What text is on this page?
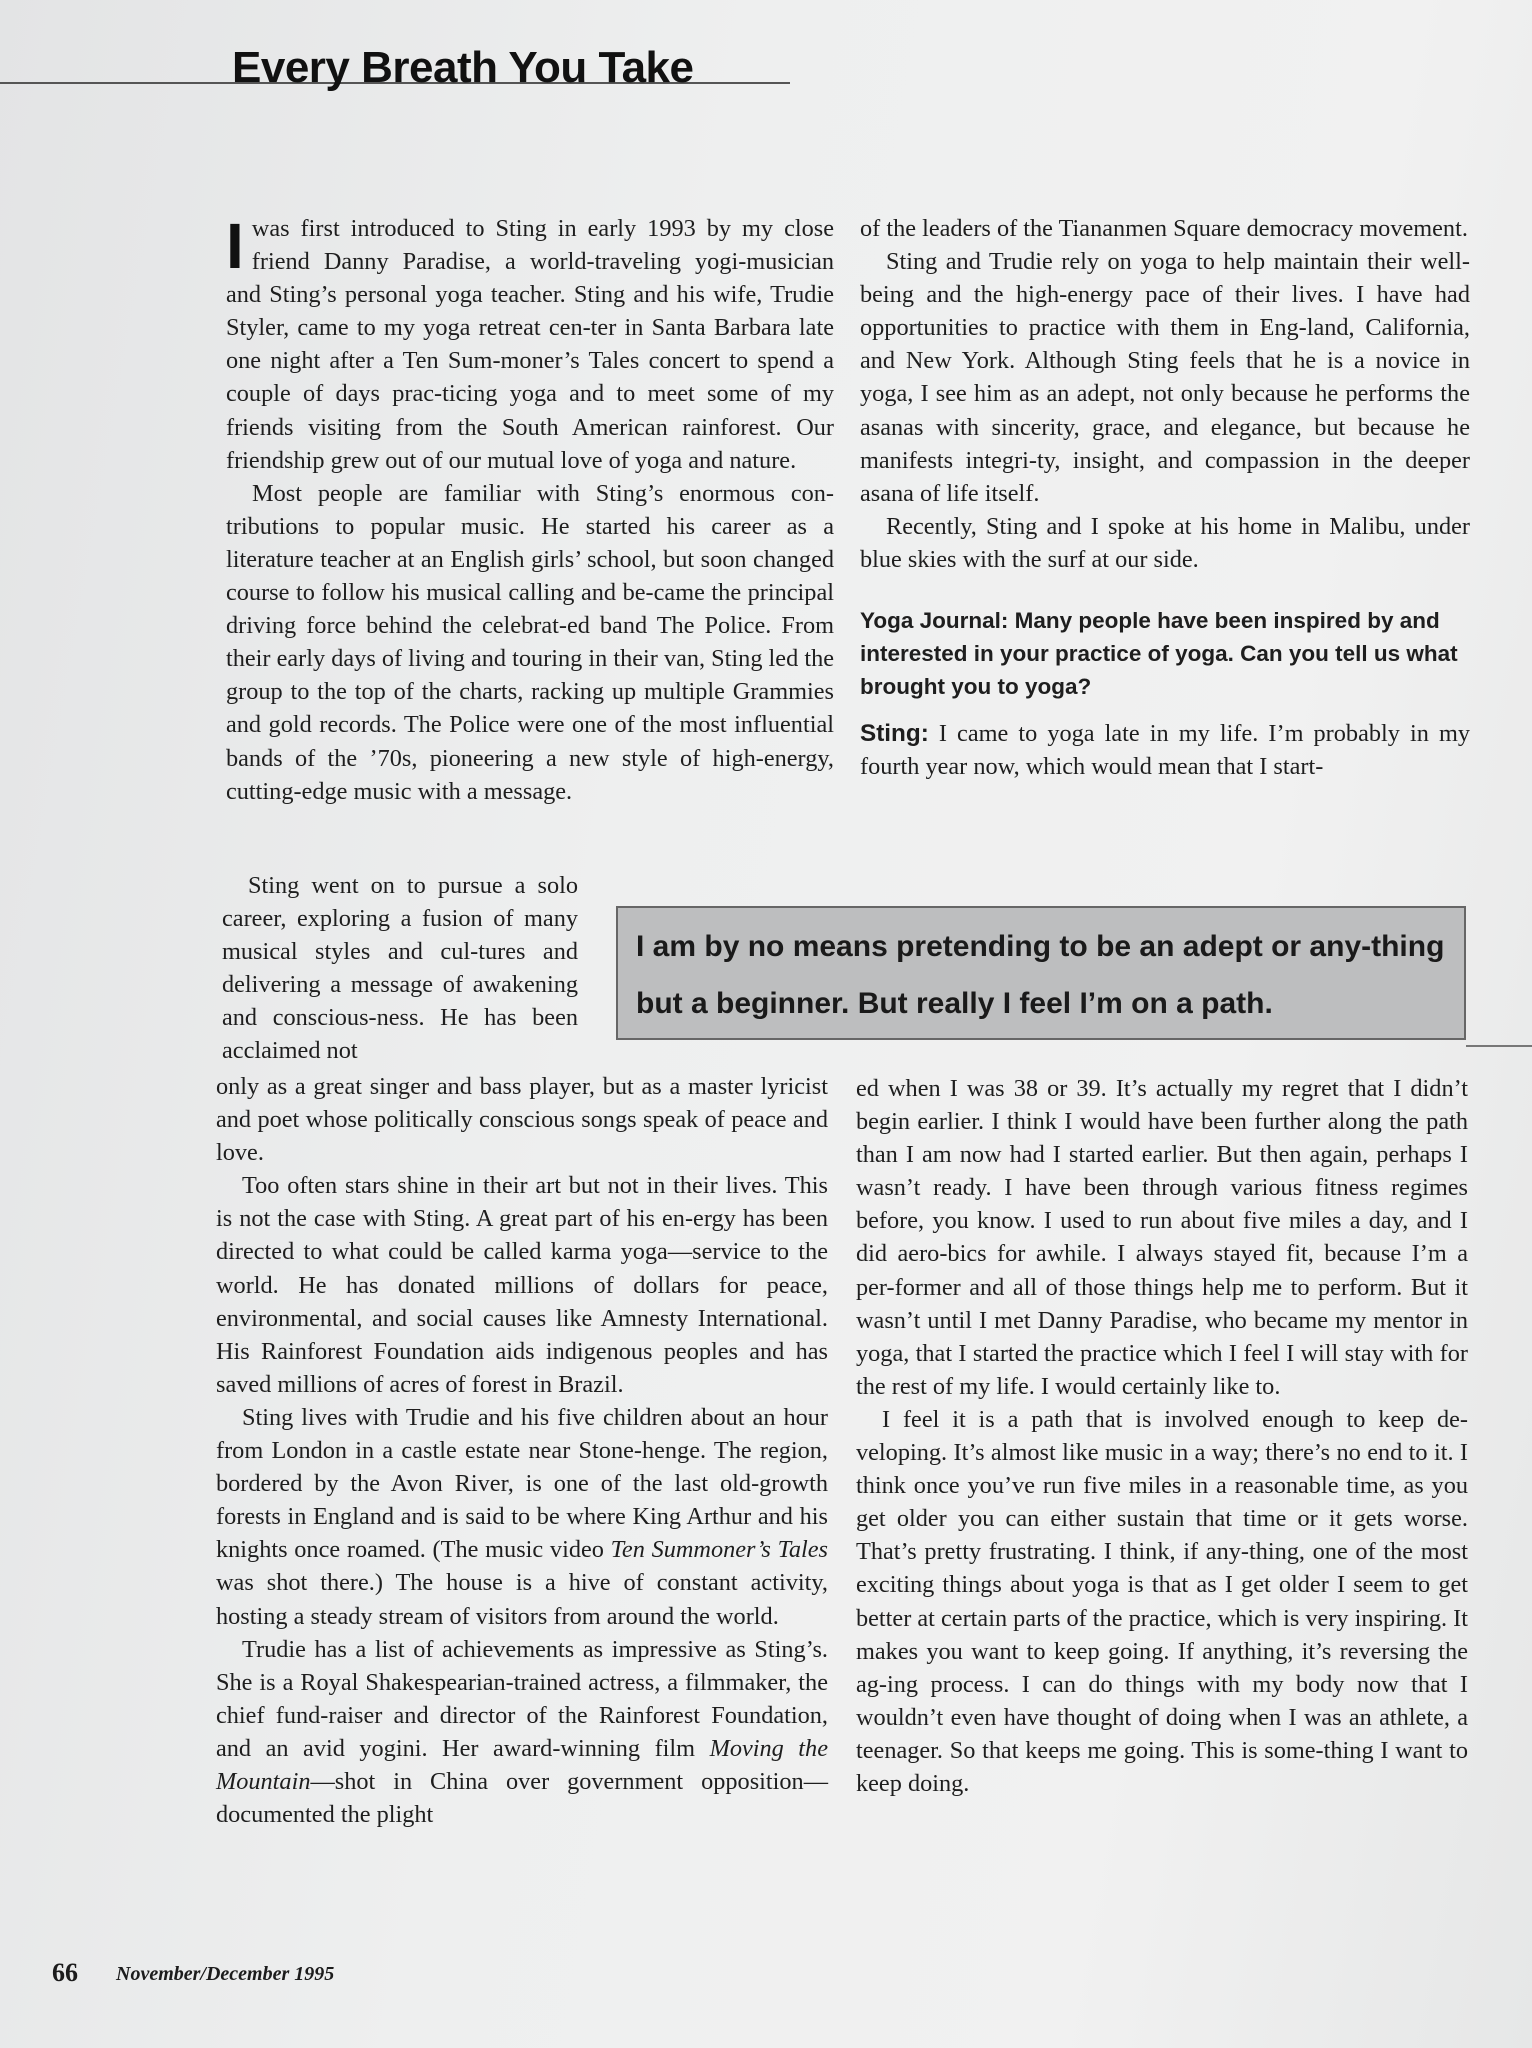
Every Breath You Take

Iwas first introduced to Sting in early 1993 by my close friend Danny Paradise, a world-traveling yogi-musician and Sting’s personal yoga teacher. Sting and his wife, Trudie Styler, came to my yoga retreat cen-ter in Santa Barbara late one night after a Ten Sum-moner’s Tales concert to spend a couple of days prac-ticing yoga and to meet some of my friends visiting from the South American rainforest. Our friendship grew out of our mutual love of yoga and nature.

Most people are familiar with Sting’s enormous con-tributions to popular music. He started his career as a literature teacher at an English girls’ school, but soon changed course to follow his musical calling and be-came the principal driving force behind the celebrat-ed band The Police. From their early days of living and touring in their van, Sting led the group to the top of the charts, racking up multiple Grammies and gold records. The Police were one of the most influential bands of the ’70s, pioneering a new style of high-energy, cutting-edge music with a message.

of the leaders of the Tiananmen Square democracy movement.

Sting and Trudie rely on yoga to help maintain their well-being and the high-energy pace of their lives. I have had opportunities to practice with them in Eng-land, California, and New York. Although Sting feels that he is a novice in yoga, I see him as an adept, not only because he performs the asanas with sincerity, grace, and elegance, but because he manifests integri-ty, insight, and compassion in the deeper asana of life itself.

Recently, Sting and I spoke at his home in Malibu, under blue skies with the surf at our side.

Yoga Journal: Many people have been inspired by and interested in your practice of yoga. Can you tell us what brought you to yoga?

Sting: I came to yoga late in my life. I’m probably in my fourth year now, which would mean that I start-

Sting went on to pursue a solo career, exploring a fusion of many musical styles and cul-tures and delivering a message of awakening and conscious-ness. He has been acclaimed not

I am by no means pretending to be an adept or any-thing but a beginner. But really I feel I’m on a path.

only as a great singer and bass player, but as a master lyricist and poet whose politically conscious songs speak of peace and love.

Too often stars shine in their art but not in their lives. This is not the case with Sting. A great part of his en-ergy has been directed to what could be called karma yoga—service to the world. He has donated millions of dollars for peace, environmental, and social causes like Amnesty International. His Rainforest Foundation aids indigenous peoples and has saved millions of acres of forest in Brazil.

Sting lives with Trudie and his five children about an hour from London in a castle estate near Stone-henge. The region, bordered by the Avon River, is one of the last old-growth forests in England and is said to be where King Arthur and his knights once roamed. (The music video Ten Summoner’s Tales was shot there.) The house is a hive of constant activity, hosting a steady stream of visitors from around the world.

Trudie has a list of achievements as impressive as Sting’s. She is a Royal Shakespearian-trained actress, a filmmaker, the chief fund-raiser and director of the Rainforest Foundation, and an avid yogini. Her award-winning film Moving the Mountain—shot in China over government opposition—documented the plight

ed when I was 38 or 39. It’s actually my regret that I didn’t begin earlier. I think I would have been further along the path than I am now had I started earlier. But then again, perhaps I wasn’t ready. I have been through various fitness regimes before, you know. I used to run about five miles a day, and I did aero-bics for awhile. I always stayed fit, because I’m a per-former and all of those things help me to perform. But it wasn’t until I met Danny Paradise, who became my mentor in yoga, that I started the practice which I feel I will stay with for the rest of my life. I would certainly like to.

I feel it is a path that is involved enough to keep de-veloping. It’s almost like music in a way; there’s no end to it. I think once you’ve run five miles in a reasonable time, as you get older you can either sustain that time or it gets worse. That’s pretty frustrating. I think, if any-thing, one of the most exciting things about yoga is that as I get older I seem to get better at certain parts of the practice, which is very inspiring. It makes you want to keep going. If anything, it’s reversing the ag-ing process. I can do things with my body now that I wouldn’t even have thought of doing when I was an athlete, a teenager. So that keeps me going. This is some-thing I want to keep doing.

66 November/December 1995
